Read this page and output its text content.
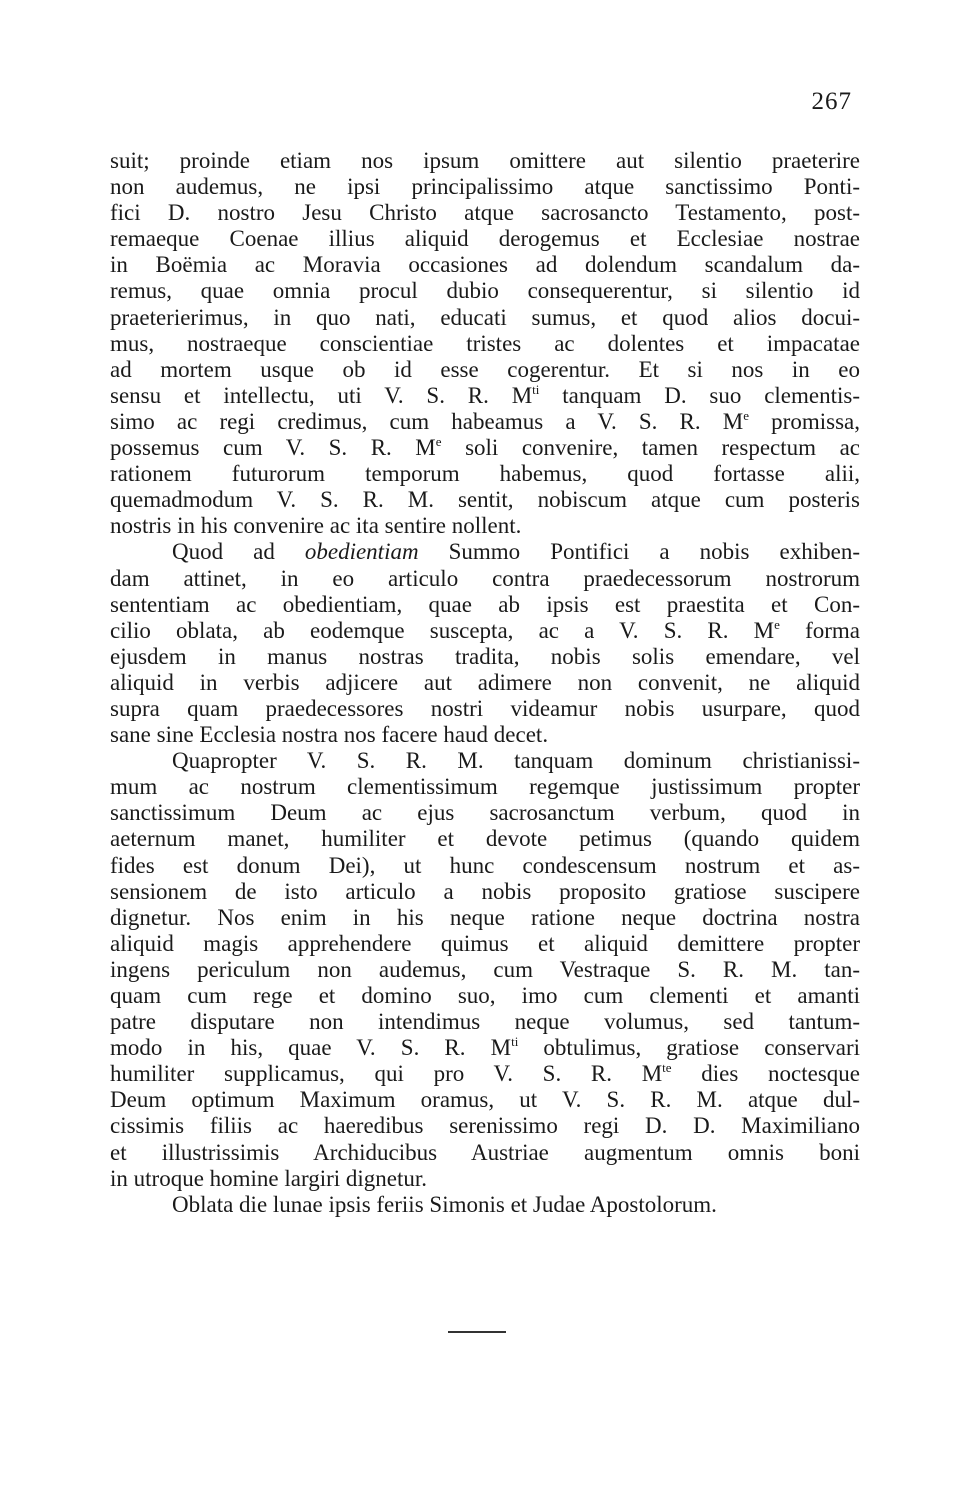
267
suit; proinde etiam nos ipsum omittere aut silentio praeterire
non audemus, ne ipsi principalissimo atque sanctissimo Ponti-
fici D. nostro Jesu Christo atque sacrosancto Testamento, post-
remaeque Coenae illius aliquid derogemus et Ecclesiae nostrae
in Boëmia ac Moravia occasiones ad dolendum scandalum da-
remus, quae omnia procul dubio consequerentur, si silentio id
praeterierimus, in quo nati, educati sumus, et quod alios docui-
mus, nostraeque conscientiae tristes ac dolentes et impacatae
ad mortem usque ob id esse cogerentur. Et si nos in eo
sensu et intellectu, uti V. S. R. $M^{ti}$ tanquam D. suo clementis-
simo ac regi credimus, cum habeamus a V. S. R. Me promissa,
possemus cum V. S. R. Me soli convenire, tamen respectum ac
rationem futurorum temporum habemus, quod fortasse alii,
quemadmodum V. S. R. M. sentit, nobiscum atque cum posteris
nostris in his convenire ac ita sentire nollent.
Quod ad obedientiam Summo Pontifici a nobis exhiben-
dam attinet, in eo articulo contra praedecessorum nostrorum
sententiam ac obedientiam, quae ab ipsis est praestita et Con-
cilio oblata, ab eodemque suscepta, ac a V. S. R. Me forma
ejusdem in manus nostras tradita, nobis solis emendare, vel
aliquid in verbis adjicere aut adimere non convenit, ne aliquid
supra quam praedecessores nostri videamur nobis usurpare, quod
sane sine Ecclesia nostra nos facere haud decet.
Quapropter V. S. R. M. tanquam dominum christianissi-
mum ac nostrum clementissimum regemque justissimum propter
sanctissimum Deum ac ejus sacrosanctum verbum, quod in
aeternum manet, humiliter et devote petimus (quando quidem
fides est donum Dei), ut hunc condescensum nostrum et as-
sensionem de isto articulo a nobis proposito gratiose suscipere
dignetur. Nos enim in his neque ratione neque doctrina nostra
aliquid magis apprehendere quimus et aliquid demittere propter
ingens periculum non audemus, cum Vestraque S. R. M. tan-
quam cum rege et domino suo, imo cum clementi et amanti
patre disputare non intendimus neque volumus, sed tantum-
modo in his, quae V. S. R. $M^{ti}$ obtulimus, gratiose conservari
humiliter supplicamus, qui pro V. S. R. $M^{te}$ dies noctesque
Deum optimum Maximum oramus, ut V. S. R. M. atque dul-
cissimis filiis ac haeredibus serenissimo regi D. D. Maximiliano
et illustrissimis Archiducibus Austriae augmentum omnis boni
in utroque homine largiri dignetur.
Oblata die lunae ipsis feriis Simonis et Judae Apostolorum.
